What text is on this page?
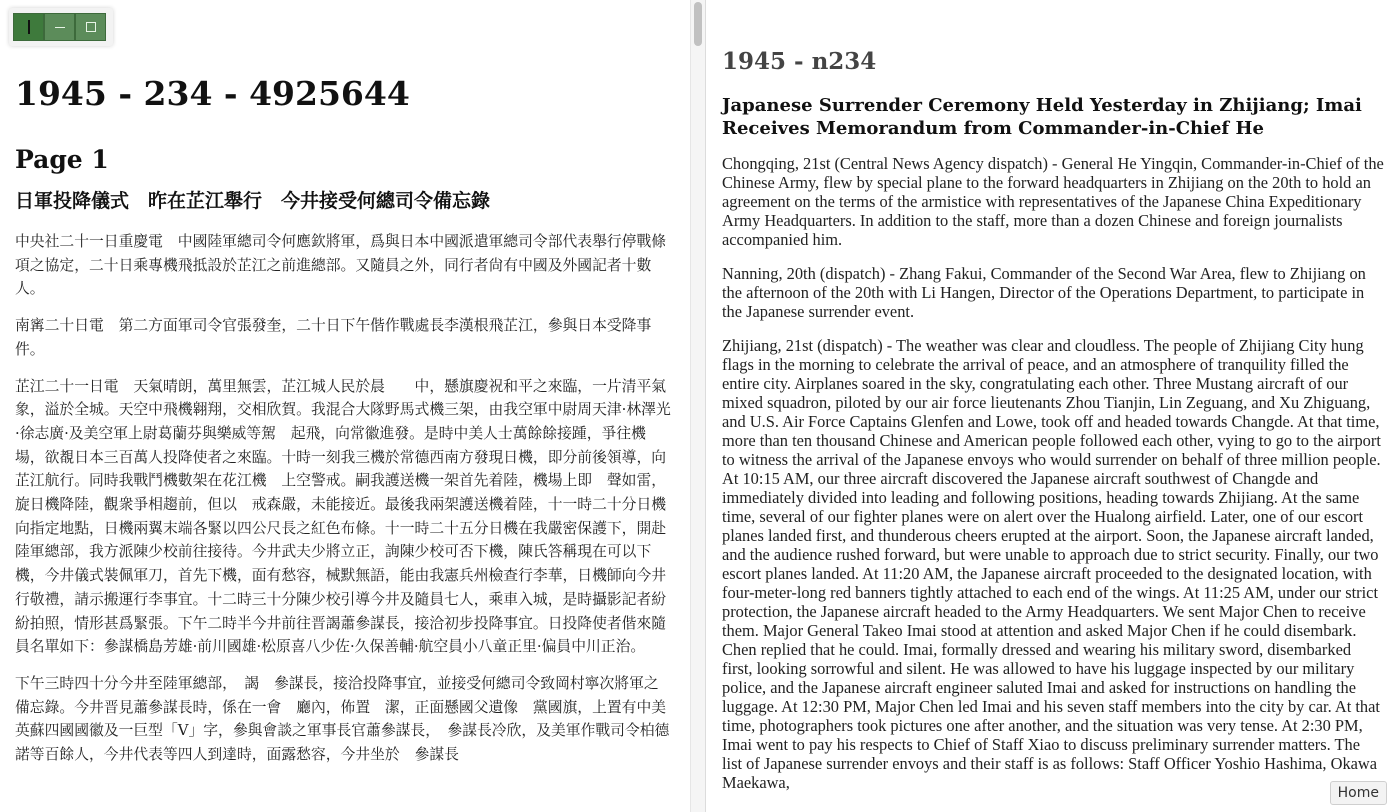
1945 - 234 - 4925644
Page 1
日軍投降儀式　昨在芷江舉行　今井接受何總司令備忘錄

中央社二十一日重慶電　中國陸軍總司令何應欽將軍，爲與日本中國派遣軍總司令部代表舉行停戰條項之協定，二十日乘專機飛抵設於芷江之前進總部。又隨員之外，同行者尙有中國及外國記者十數人。

南寗二十日電　第二方面軍司令官張發奎，二十日下午偕作戰處長李漢根飛芷江，參與日本受降事件。

芷江二十一日電　天氣晴朗，萬里無雲，芷江城人民於晨　　中，懸旗慶祝和平之來臨，一片清平氣象，溢於全城。天空中飛機翱翔，交相欣賀。我混合大隊野馬式機三架，由我空軍中尉周天津·林澤光·徐志廣·及美空軍上尉葛蘭芬與樂威等駕　起飛，向常徽進發。是時中美人士萬餘餘接踵，爭往機場，欲覩日本三百萬人投降使者之來臨。十時一刻我三機於常德西南方發現日機，即分前後領導，向芷江航行。同時我戰鬥機數架在花江機　上空警戒。嗣我護送機一架首先着陸，機場上即　聲如雷，旋日機降陸，觀衆爭相趨前，但以　戒森嚴，未能接近。最後我兩架護送機着陸，十一時二十分日機　向指定地點，日機兩翼末端各緊以四公尺長之紅色布條。十一時二十五分日機在我嚴密保護下，開赴陸軍總部，我方派陳少校前往接待。今井武夫少將立正，詢陳少校可否下機，陳氏答稱現在可以下機，今井儀式裝佩軍刀，首先下機，面有愁容，械默無語，能由我憲兵州檢查行李華，日機師向今井行敬禮，請示搬運行李事宜。十二時三十分陳少校引導今井及隨員七人，乘車入城，是時攝影記者紛紛拍照，情形甚爲緊張。下午二時半今井前往晋謁蕭參謀長，接洽初步投降事宜。日投降使者偕來隨員名單如下：參謀橋島芳雄·前川國雄·松原喜八少佐·久保善輔·航空員小八童正里·偏員中川正治。

下午三時四十分今井至陸軍總部，　謁　參謀長，接洽投降事宜，並接受何總司令致岡村寧次將軍之備忘錄。今井晋見蕭參謀長時，係在一會　廳內，佈置　潔，正面懸國父遺像　黨國旗，上置有中美英蘇四國國徽及一巨型「V」字，參與會談之軍事長官蕭參謀長，　參謀長冷欣，及美軍作戰司令柏德諾等百餘人，今井代表等四人到達時，面露愁容，今井坐於　參謀長

1945 - n234
Japanese Surrender Ceremony Held Yesterday in Zhijiang; Imai Receives Memorandum from Commander-in-Chief He

Chongqing, 21st (Central News Agency dispatch) - General He Yingqin, Commander-in-Chief of the Chinese Army, flew by special plane to the forward headquarters in Zhijiang on the 20th to hold an agreement on the terms of the armistice with representatives of the Japanese China Expeditionary Army Headquarters. In addition to the staff, more than a dozen Chinese and foreign journalists accompanied him.

Nanning, 20th (dispatch) - Zhang Fakui, Commander of the Second War Area, flew to Zhijiang on the afternoon of the 20th with Li Hangen, Director of the Operations Department, to participate in the Japanese surrender event.

Zhijiang, 21st (dispatch) - The weather was clear and cloudless. The people of Zhijiang City hung flags in the morning to celebrate the arrival of peace, and an atmosphere of tranquility filled the entire city. Airplanes soared in the sky, congratulating each other. Three Mustang aircraft of our mixed squadron, piloted by our air force lieutenants Zhou Tianjin, Lin Zeguang, and Xu Zhiguang, and U.S. Air Force Captains Glenfen and Lowe, took off and headed towards Changde. At that time, more than ten thousand Chinese and American people followed each other, vying to go to the airport to witness the arrival of the Japanese envoys who would surrender on behalf of three million people. At 10:15 AM, our three aircraft discovered the Japanese aircraft southwest of Changde and immediately divided into leading and following positions, heading towards Zhijiang. At the same time, several of our fighter planes were on alert over the Hualong airfield. Later, one of our escort planes landed first, and thunderous cheers erupted at the airport. Soon, the Japanese aircraft landed, and the audience rushed forward, but were unable to approach due to strict security. Finally, our two escort planes landed. At 11:20 AM, the Japanese aircraft proceeded to the designated location, with four-meter-long red banners tightly attached to each end of the wings. At 11:25 AM, under our strict protection, the Japanese aircraft headed to the Army Headquarters. We sent Major Chen to receive them. Major General Takeo Imai stood at attention and asked Major Chen if he could disembark. Chen replied that he could. Imai, formally dressed and wearing his military sword, disembarked first, looking sorrowful and silent. He was allowed to have his luggage inspected by our military police, and the Japanese aircraft engineer saluted Imai and asked for instructions on handling the luggage. At 12:30 PM, Major Chen led Imai and his seven staff members into the city by car. At that time, photographers took pictures one after another, and the situation was very tense. At 2:30 PM, Imai went to pay his respects to Chief of Staff Xiao to discuss preliminary surrender matters. The list of Japanese surrender envoys and their staff is as follows: Staff Officer Yoshio Hashima, Okawa Maekawa,

Home
